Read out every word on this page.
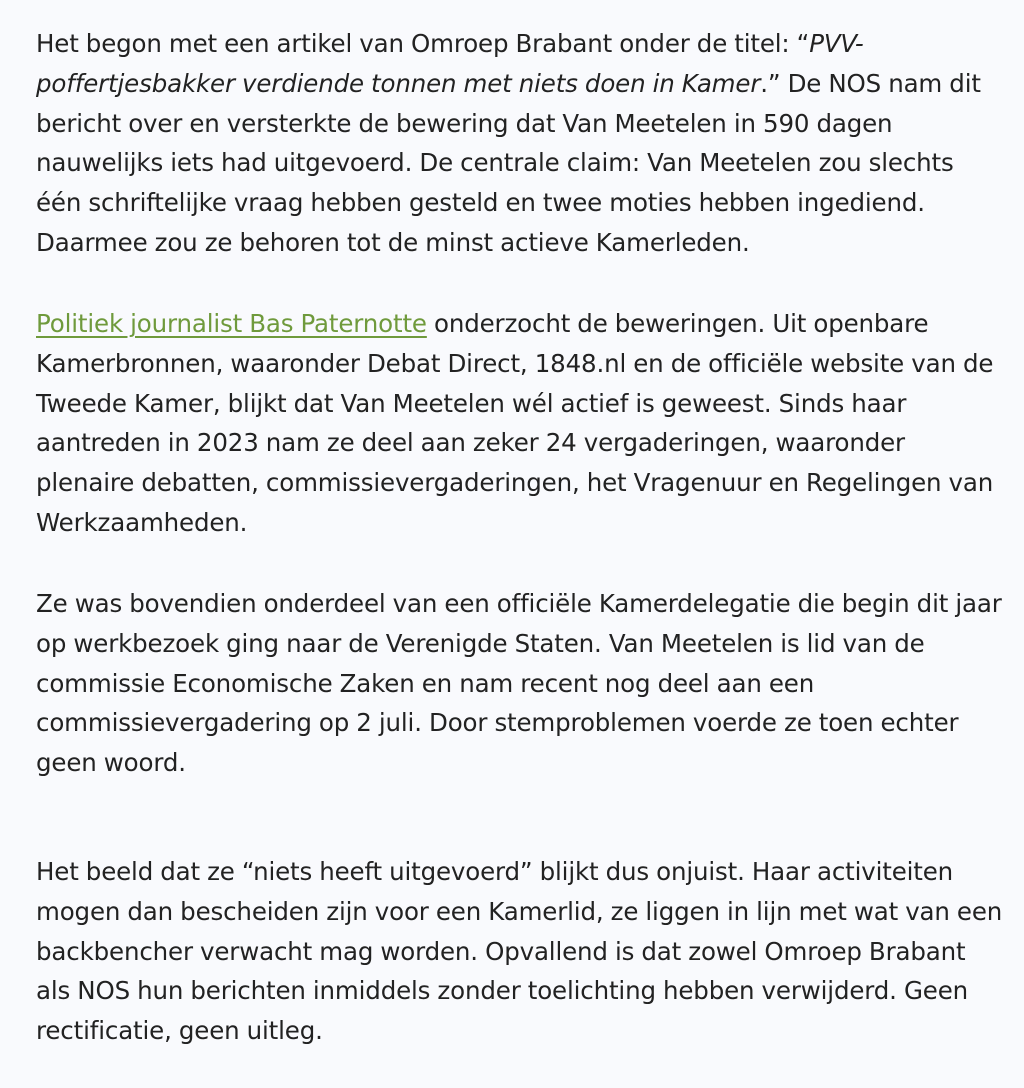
Het begon met een artikel van Omroep Brabant onder de titel: “PVV-poffertjesbakker verdiende tonnen met niets doen in Kamer.” De NOS nam dit bericht over en versterkte de bewering dat Van Meetelen in 590 dagen nauwelijks iets had uitgevoerd. De centrale claim: Van Meetelen zou slechts één schriftelijke vraag hebben gesteld en twee moties hebben ingediend. Daarmee zou ze behoren tot de minst actieve Kamerleden.

Politiek journalist Bas Paternotte onderzocht de beweringen. Uit openbare Kamerbronnen, waaronder Debat Direct, 1848.nl en de officiële website van de Tweede Kamer, blijkt dat Van Meetelen wél actief is geweest. Sinds haar aantreden in 2023 nam ze deel aan zeker 24 vergaderingen, waaronder plenaire debatten, commissievergaderingen, het Vragenuur en Regelingen van Werkzaamheden.

Ze was bovendien onderdeel van een officiële Kamerdelegatie die begin dit jaar op werkbezoek ging naar de Verenigde Staten. Van Meetelen is lid van de commissie Economische Zaken en nam recent nog deel aan een commissievergadering op 2 juli. Door stemproblemen voerde ze toen echter geen woord.

Het beeld dat ze “niets heeft uitgevoerd” blijkt dus onjuist. Haar activiteiten mogen dan bescheiden zijn voor een Kamerlid, ze liggen in lijn met wat van een backbencher verwacht mag worden. Opvallend is dat zowel Omroep Brabant als NOS hun berichten inmiddels zonder toelichting hebben verwijderd. Geen rectificatie, geen uitleg.
